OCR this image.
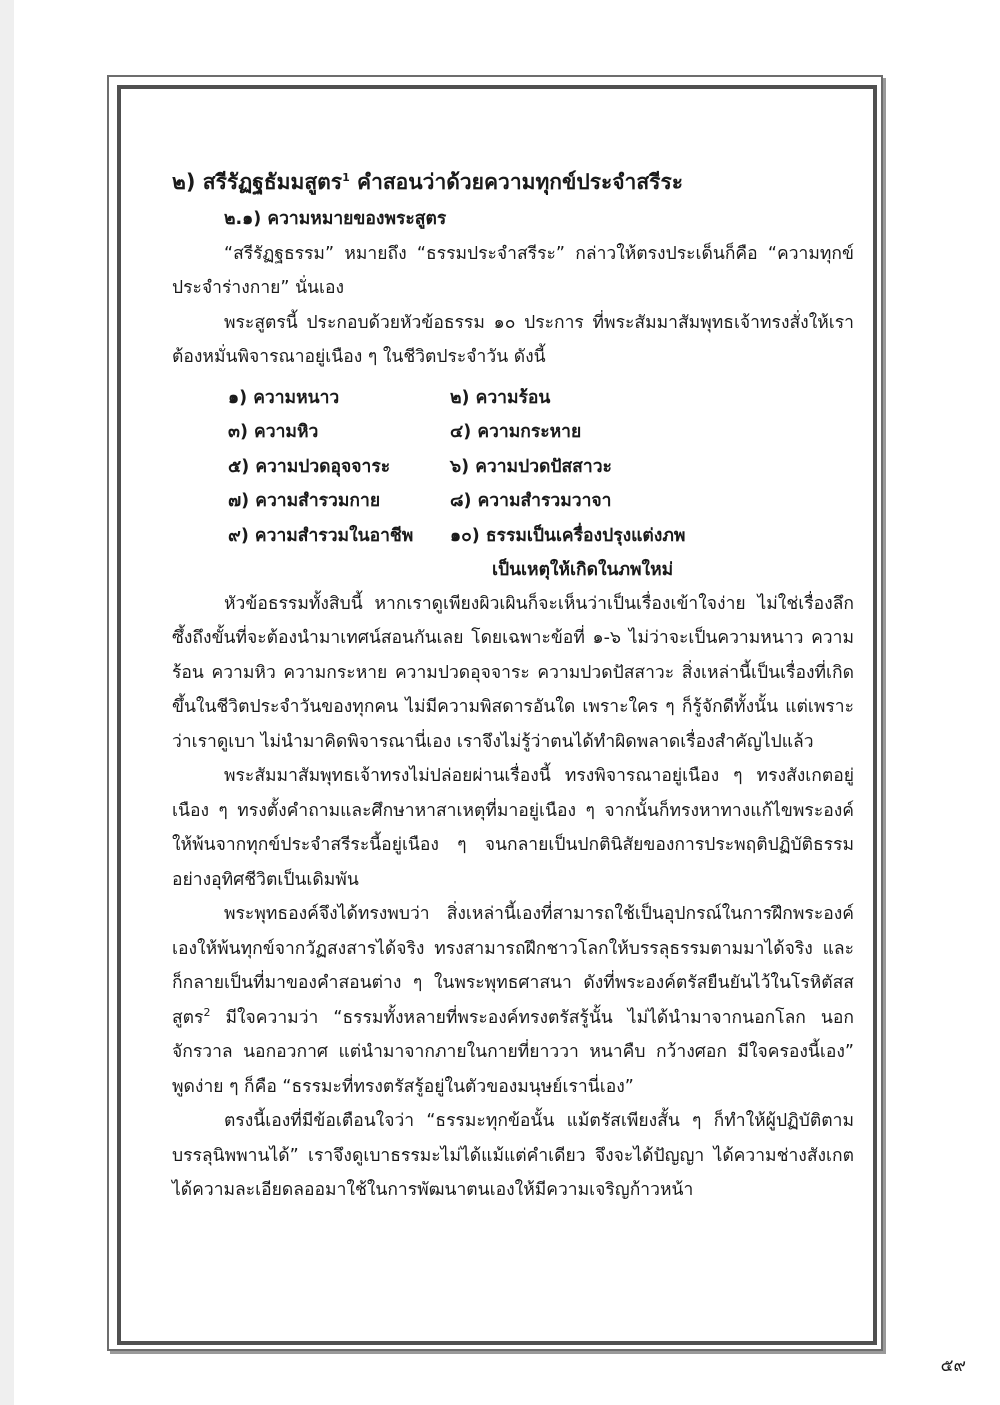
๒) สรีรัฏฐธัมมสูตร$^1$ คำสอนว่าด้วยความทุกข์ประจำสรีระ

๒.๑) ความหมายของพระสูตร

“สรีรัฏฐธรรม” หมายถึง “ธรรมประจำสรีระ” กล่าวให้ตรงประเด็นก็คือ “ความทุกข์ประจำร่างกาย” นั่นเอง

พระสูตรนี้ ประกอบด้วยหัวข้อธรรม ๑๐ ประการ ที่พระสัมมาสัมพุทธเจ้าทรงสั่งให้เราต้องหมั่นพิจารณาอยู่เนือง ๆ ในชีวิตประจำวัน ดังนี้

๑) ความหนาว	๒) ความร้อน
๓) ความหิว	๔) ความกระหาย
๕) ความปวดอุจจาระ	๖) ความปวดปัสสาวะ
๗) ความสำรวมกาย	๘) ความสำรวมวาจา
๙) ความสำรวมในอาชีพ	๑๐) ธรรมเป็นเครื่องปรุงแต่งภพ
เป็นเหตุให้เกิดในภพใหม่

หัวข้อธรรมทั้งสิบนี้ หากเราดูเพียงผิวเผินก็จะเห็นว่าเป็นเรื่องเข้าใจง่าย ไม่ใช่เรื่องลึกซึ้งถึงขั้นที่จะต้องนำมาเทศน์สอนกันเลย โดยเฉพาะข้อที่ ๑-๖ ไม่ว่าจะเป็นความหนาว ความร้อน ความหิว ความกระหาย ความปวดอุจจาระ ความปวดปัสสาวะ สิ่งเหล่านี้เป็นเรื่องที่เกิดขึ้นในชีวิตประจำวันของทุกคน ไม่มีความพิสดารอันใด เพราะใคร ๆ ก็รู้จักดีทั้งนั้น แต่เพราะว่าเราดูเบา ไม่นำมาคิดพิจารณานี่เอง เราจึงไม่รู้ว่าตนได้ทำผิดพลาดเรื่องสำคัญไปแล้ว

พระสัมมาสัมพุทธเจ้าทรงไม่ปล่อยผ่านเรื่องนี้ ทรงพิจารณาอยู่เนือง ๆ ทรงสังเกตอยู่เนือง ๆ ทรงตั้งคำถามและศึกษาหาสาเหตุที่มาอยู่เนือง ๆ จากนั้นก็ทรงหาทางแก้ไขพระองค์ให้พ้นจากทุกข์ประจำสรีระนี้อยู่เนือง ๆ จนกลายเป็นปกตินิสัยของการประพฤติปฏิบัติธรรมอย่างอุทิศชีวิตเป็นเดิมพัน

พระพุทธองค์จึงได้ทรงพบว่า สิ่งเหล่านี้เองที่สามารถใช้เป็นอุปกรณ์ในการฝึกพระองค์เองให้พ้นทุกข์จากวัฏสงสารได้จริง ทรงสามารถฝึกชาวโลกให้บรรลุธรรมตามมาได้จริง และก็กลายเป็นที่มาของคำสอนต่าง ๆ ในพระพุทธศาสนา ดังที่พระองค์ตรัสยืนยันไว้ในโรหิตัสสสูตร$^2$ มีใจความว่า “ธรรมทั้งหลายที่พระองค์ทรงตรัสรู้นั้น ไม่ได้นำมาจากนอกโลก นอกจักรวาล นอกอวกาศ แต่นำมาจากภายในกายที่ยาววา หนาคืบ กว้างศอก มีใจครองนี้เอง” พูดง่าย ๆ ก็คือ “ธรรมะที่ทรงตรัสรู้อยู่ในตัวของมนุษย์เรานี่เอง”

ตรงนี้เองที่มีข้อเตือนใจว่า “ธรรมะทุกข้อนั้น แม้ตรัสเพียงสั้น ๆ ก็ทำให้ผู้ปฏิบัติตามบรรลุนิพพานได้” เราจึงดูเบาธรรมะไม่ได้แม้แต่คำเดียว จึงจะได้ปัญญา ได้ความช่างสังเกต ได้ความละเอียดลออมาใช้ในการพัฒนาตนเองให้มีความเจริญก้าวหน้า

๕๙
